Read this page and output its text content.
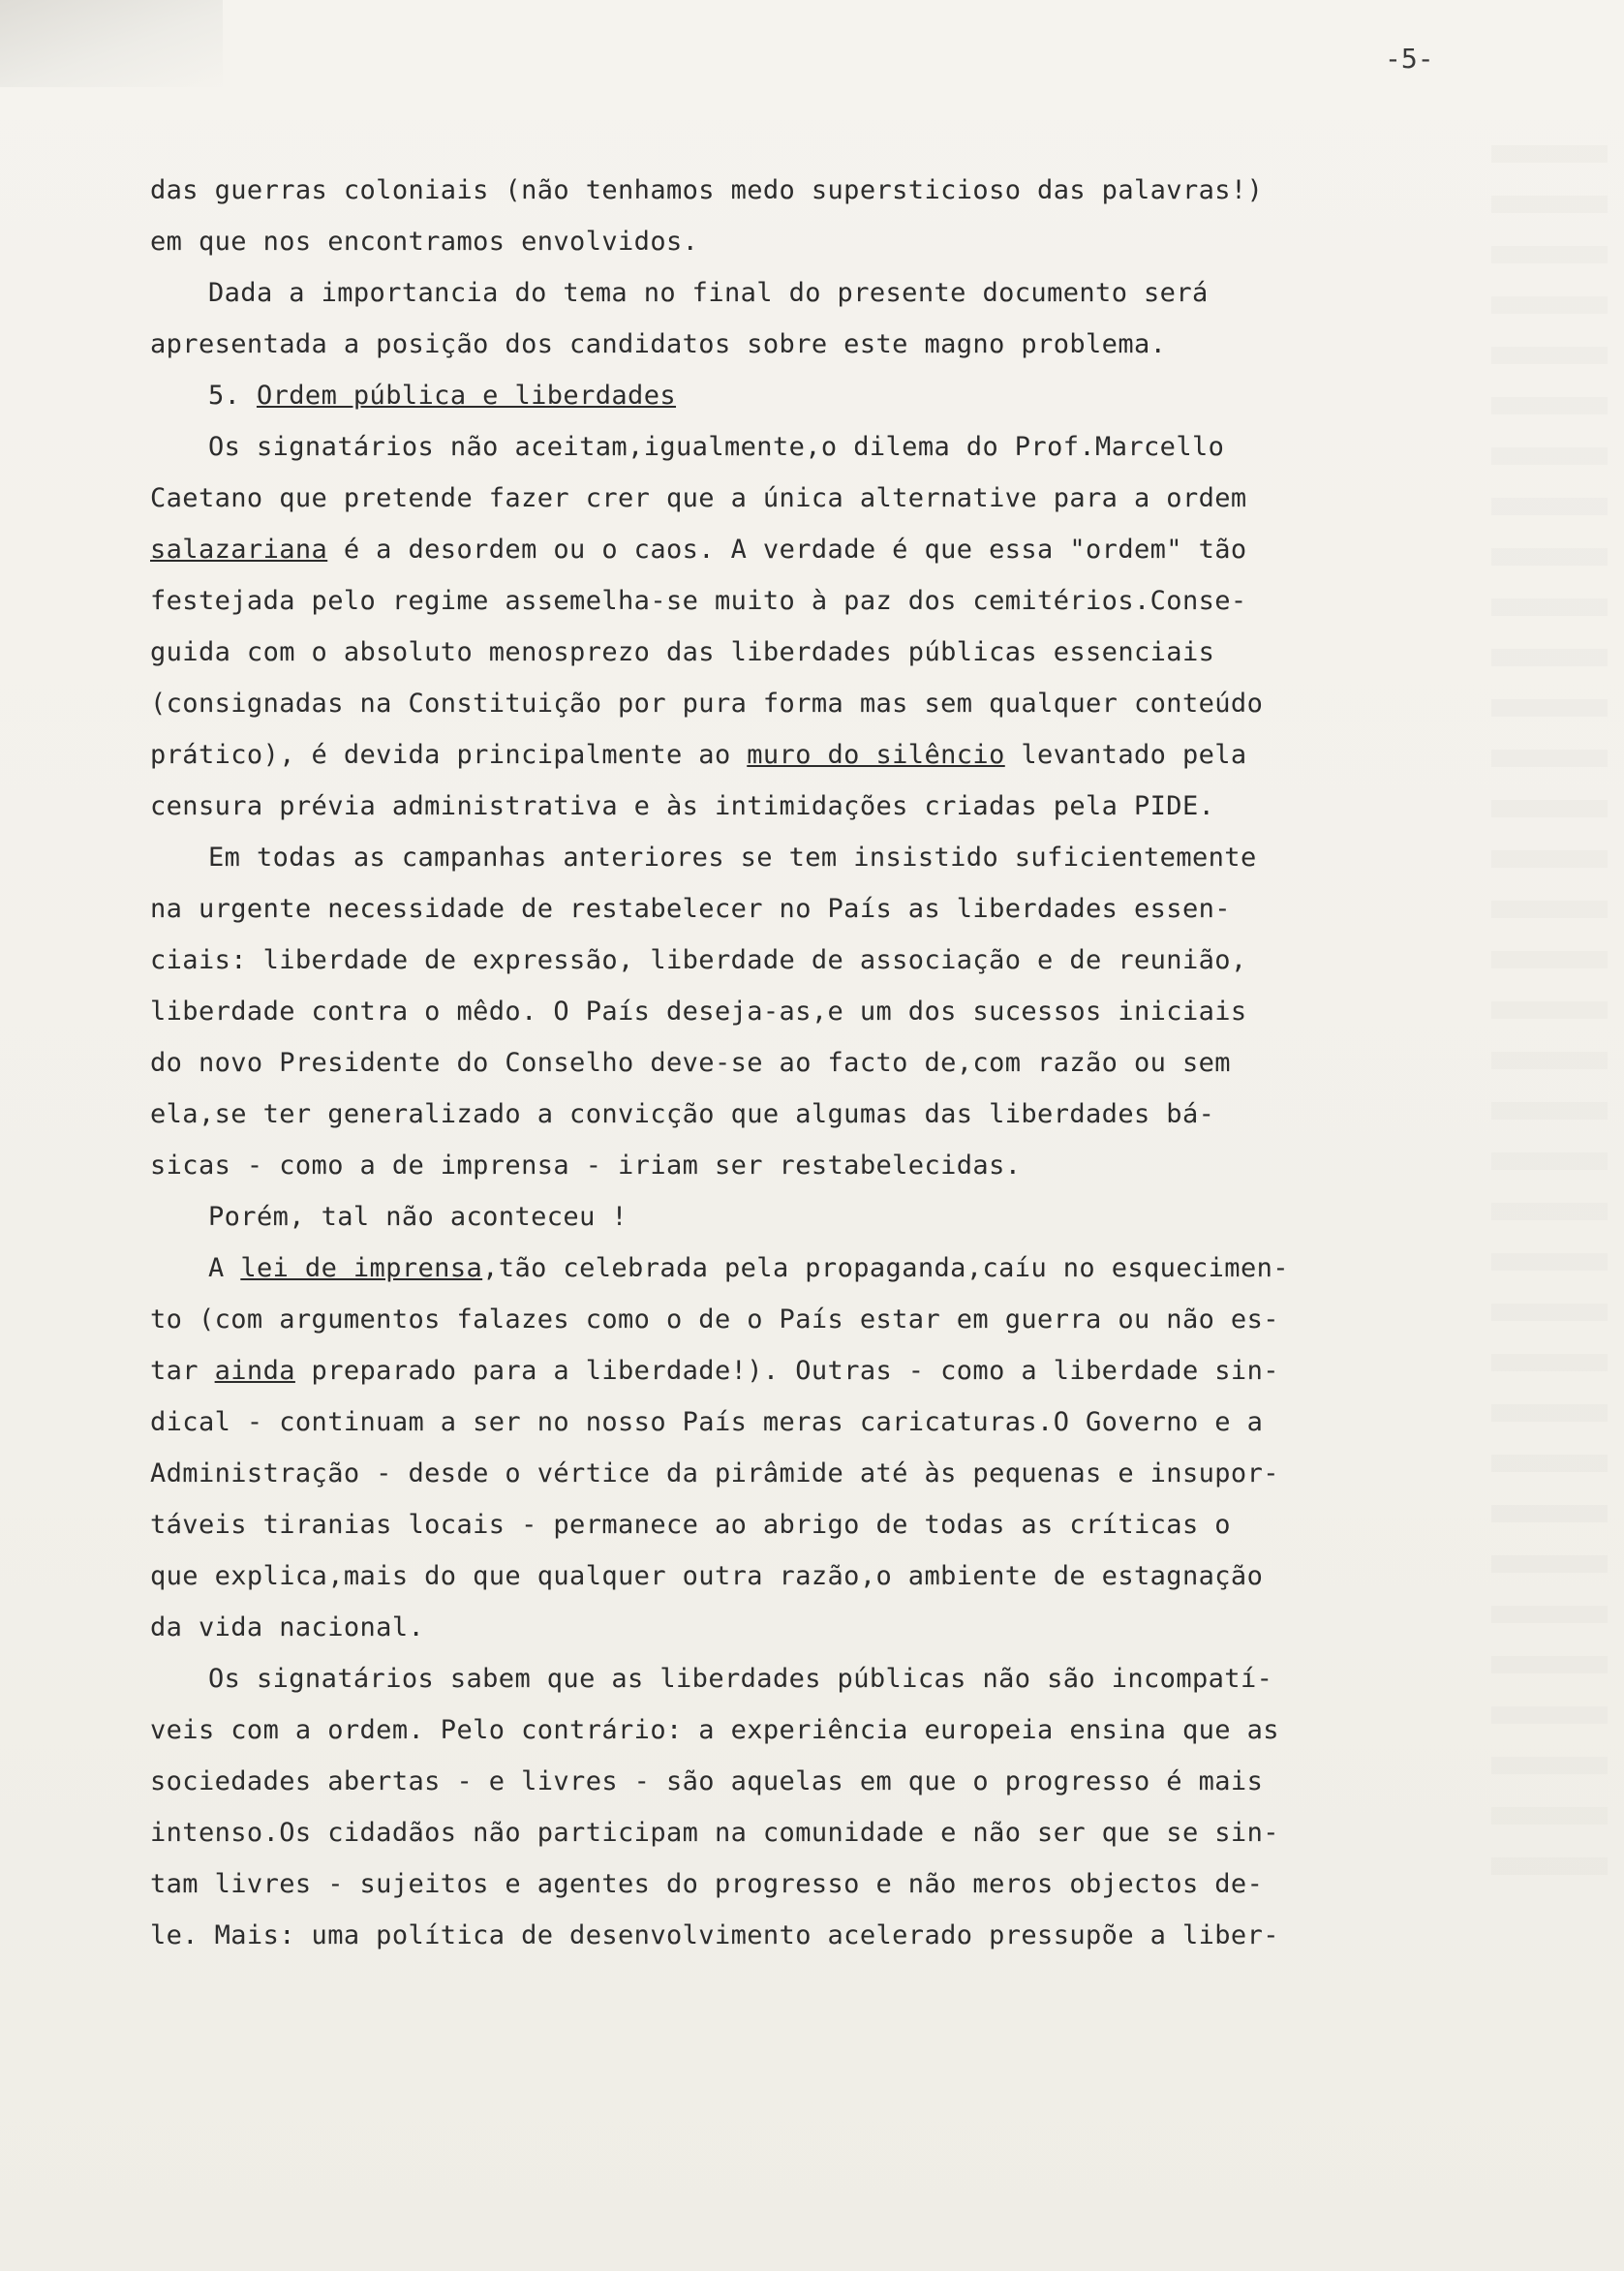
-5-
das guerras coloniais (não tenhamos medo supersticioso das palavras!)
em que nos encontramos envolvidos.
Dada a importancia do tema no final do presente documento será
apresentada a posição dos candidatos sobre este magno problema.
5. Ordem pública e liberdades
Os signatários não aceitam,igualmente,o dilema do Prof.Marcello
Caetano que pretende fazer crer que a única alternative para a ordem
salazariana é a desordem ou o caos. A verdade é que essa "ordem" tão
festejada pelo regime assemelha-se muito à paz dos cemitérios.Conse-
guida com o absoluto menosprezo das liberdades públicas essenciais
(consignadas na Constituição por pura forma mas sem qualquer conteúdo
prático), é devida principalmente ao muro do silêncio levantado pela
censura prévia administrativa e às intimidações criadas pela PIDE.
Em todas as campanhas anteriores se tem insistido suficientemente
na urgente necessidade de restabelecer no País as liberdades essen-
ciais: liberdade de expressão, liberdade de associação e de reunião,
liberdade contra o mêdo. O País deseja-as,e um dos sucessos iniciais
do novo Presidente do Conselho deve-se ao facto de,com razão ou sem
ela,se ter generalizado a convicção que algumas das liberdades bá-
sicas - como a de imprensa - iriam ser restabelecidas.
Porém, tal não aconteceu !
A lei de imprensa,tão celebrada pela propaganda,caíu no esquecimen-
to (com argumentos falazes como o de o País estar em guerra ou não es-
tar ainda preparado para a liberdade!). Outras - como a liberdade sin-
dical - continuam a ser no nosso País meras caricaturas.O Governo e a
Administração - desde o vértice da pirâmide até às pequenas e insupor-
táveis tiranias locais - permanece ao abrigo de todas as críticas o
que explica,mais do que qualquer outra razão,o ambiente de estagnação
da vida nacional.
Os signatários sabem que as liberdades públicas não são incompatí-
veis com a ordem. Pelo contrário: a experiência europeia ensina que as
sociedades abertas - e livres - são aquelas em que o progresso é mais
intenso.Os cidadãos não participam na comunidade e não ser que se sin-
tam livres - sujeitos e agentes do progresso e não meros objectos de-
le. Mais: uma política de desenvolvimento acelerado pressupõe a liber-
